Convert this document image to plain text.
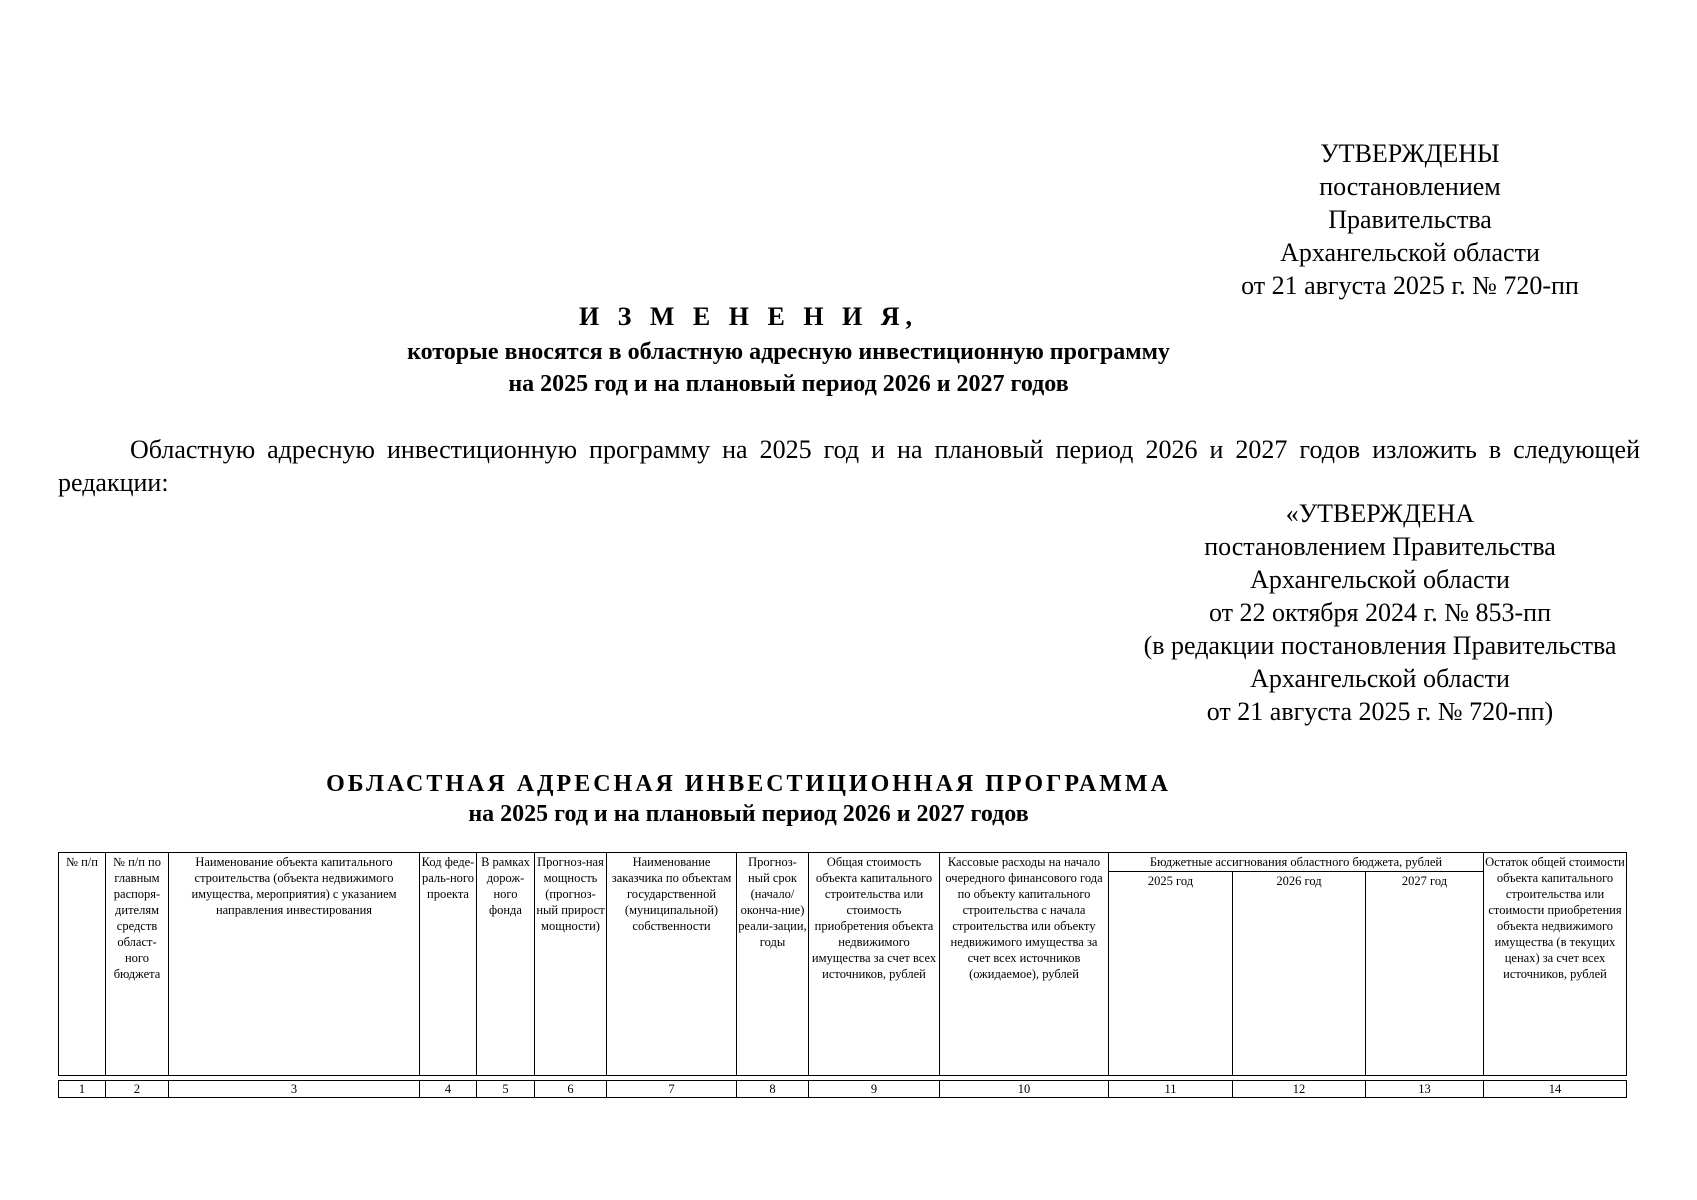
УТВЕРЖДЕНЫ
постановлением Правительства
Архангельской области
от 21 августа 2025 г. № 720-пп
И З М Е Н Е Н И Я,
которые вносятся в областную адресную инвестиционную программу
на 2025 год и на плановый период 2026 и 2027 годов
Областную адресную инвестиционную программу на 2025 год и на плановый период 2026 и 2027 годов изложить в следующей редакции:
«УТВЕРЖДЕНА
постановлением Правительства
Архангельской области
от 22 октября 2024 г. № 853-пп
(в редакции постановления Правительства
Архангельской области
от 21 августа 2025 г. № 720-пп)
ОБЛАСТНАЯ АДРЕСНАЯ ИНВЕСТИЦИОННАЯ ПРОГРАММА
на 2025 год и на плановый период 2026 и 2027 годов
№ п/п	№ п/п по главным распоря-дителям средств област-ного бюджета	Наименование объекта капитального строительства (объекта недвижимого имущества, мероприятия) с указанием направления инвестирования	Код феде-раль-ного проекта	В рамках дорож-ного фонда	Прогноз-ная мощность (прогноз-ный прирост мощности)	Наименование заказчика по объектам государственной (муниципальной) собственности	Прогноз-ный срок (начало/ оконча-ние) реали-зации, годы	Общая стоимость объекта капитального строительства или стоимость приобретения объекта недвижимого имущества за счет всех источников, рублей	Кассовые расходы на начало очередного финансового года по объекту капитального строительства с начала строительства или объекту недвижимого имущества за счет всех источников (ожидаемое), рублей	Бюджетные ассигнования областного бюджета, рублей			Остаток общей стоимости объекта капитального строительства или стоимости приобретения объекта недвижимого имущества (в текущих ценах) за счет всех источников, рублей
										2025 год	2026 год	2027 год	

1	2	3	4	5	6	7	8	9	10	11	12	13	14
